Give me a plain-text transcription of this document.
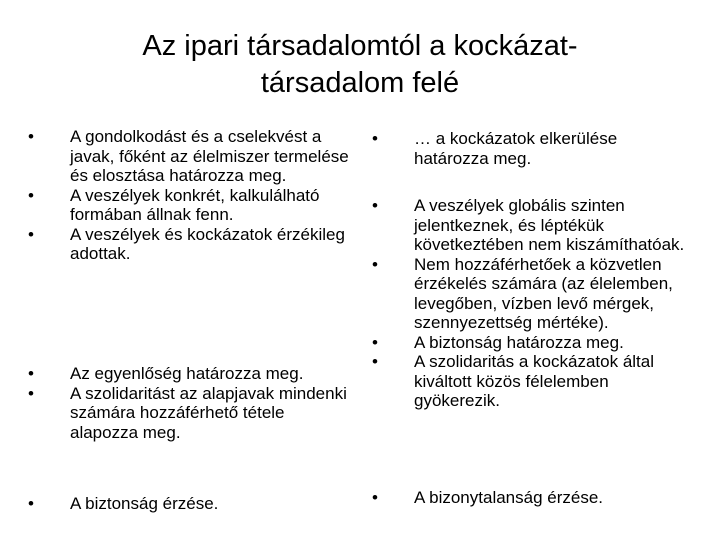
Az ipari társadalomtól a kockázat-
társadalom felé
•	A gondolkodást és a cselekvést a javak, főként az élelmiszer termelése és elosztása határozza meg.
•	A veszélyek konkrét, kalkulálható formában állnak fenn.
•	A veszélyek és kockázatok érzékileg adottak.
•	Az egyenlőség határozza meg.
•	A szolidaritást az alapjavak mindenki számára hozzáférhető tétele alapozza meg.
•	A biztonság érzése.
•	… a kockázatok elkerülése határozza meg.
•	A veszélyek globális szinten jelentkeznek, és léptékük következtében nem kiszámíthatóak.
•	Nem hozzáférhetőek a közvetlen érzékelés számára (az élelemben, levegőben, vízben levő mérgek, szennyezettség mértéke).
•	A biztonság határozza meg.
•	A szolidaritás a kockázatok által kiváltott közös félelemben gyökerezik.
•	A bizonytalanság érzése.
